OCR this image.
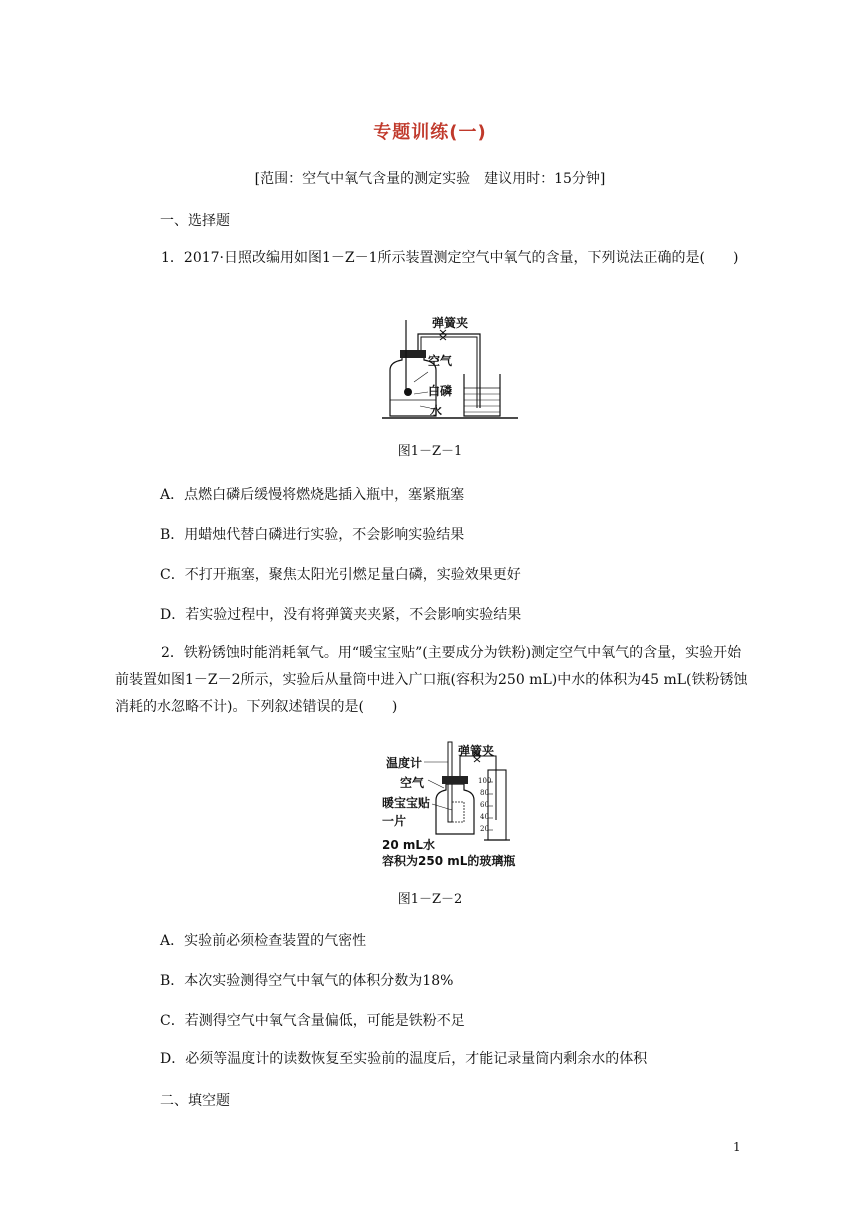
专题训练(一)
[范围：空气中氧气含量的测定实验　建议用时：15分钟]
一、选择题
1．2017·日照改编用如图1－Z－1所示装置测定空气中氧气的含量，下列说法正确的是(　　)
弹簧夹
空气
白磷
水
图1－Z－1
A．点燃白磷后缓慢将燃烧匙插入瓶中，塞紧瓶塞
B．用蜡烛代替白磷进行实验，不会影响实验结果
C．不打开瓶塞，聚焦太阳光引燃足量白磷，实验效果更好
D．若实验过程中，没有将弹簧夹夹紧，不会影响实验结果
2．铁粉锈蚀时能消耗氧气。用“暖宝宝贴”(主要成分为铁粉)测定空气中氧气的含量，实验开始前装置如图1－Z－2所示，实验后从量筒中进入广口瓶(容积为250 mL)中水的体积为45 mL(铁粉锈蚀消耗的水忽略不计)。下列叙述错误的是(　　)
温度计
弹簧夹
空气
暖宝宝贴
一片
20 mL水
容积为250 mL的玻璃瓶
100
80
60
40
20
图1－Z－2
A．实验前必须检查装置的气密性
B．本次实验测得空气中氧气的体积分数为18%
C．若测得空气中氧气含量偏低，可能是铁粉不足
D．必须等温度计的读数恢复至实验前的温度后，才能记录量筒内剩余水的体积
二、填空题
1
